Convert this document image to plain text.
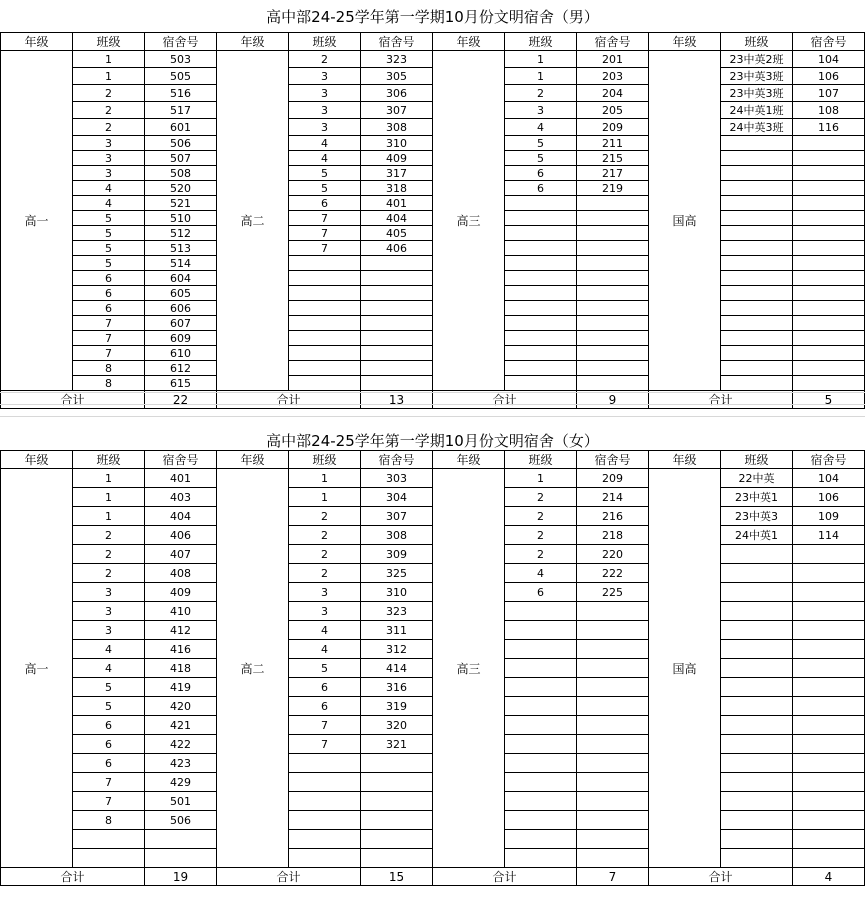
高中部24-25学年第一学期10月份文明宿舍（男）
年级	班级	宿舍号	年级	班级	宿舍号	年级	班级	宿舍号	年级	班级	宿舍号
高一	1	503	高二	2	323	高三	1	201	国高	23中英2班	104
	1	505		3	305		1	203		23中英3班	106
	2	516		3	306		2	204		23中英3班	107
	2	517		3	307		3	205		24中英1班	108
	2	601		3	308		4	209		24中英3班	116
	3	506		4	310		5	211			
	3	507		4	409		5	215			
	3	508		5	317		6	217			
	4	520		5	318		6	219			
	4	521		6	401						
	5	510		7	404						
	5	512		7	405						
	5	513		7	406						
	5	514									
	6	604									
	6	605									
	6	606									
	7	607									
	7	609									
	7	610									
	8	612									
	8	615									
合计		22	合计		13	合计		9	合计		5
高中部24-25学年第一学期10月份文明宿舍（女）
年级	班级	宿舍号	年级	班级	宿舍号	年级	班级	宿舍号	年级	班级	宿舍号
高一	1	401	高二	1	303	高三	1	209	国高	22中英	104
	1	403		1	304		2	214		23中英1	106
	1	404		2	307		2	216		23中英3	109
	2	406		2	308		2	218		24中英1	114
	2	407		2	309		2	220			
	2	408		2	325		4	222			
	3	409		3	310		6	225			
	3	410		3	323						
	3	412		4	311						
	4	416		4	312						
	4	418		5	414						
	5	419		6	316						
	5	420		6	319						
	6	421		7	320						
	6	422		7	321						
	6	423									
	7	429									
	7	501									
	8	506									

合计		19	合计		15	合计		7	合计		4
